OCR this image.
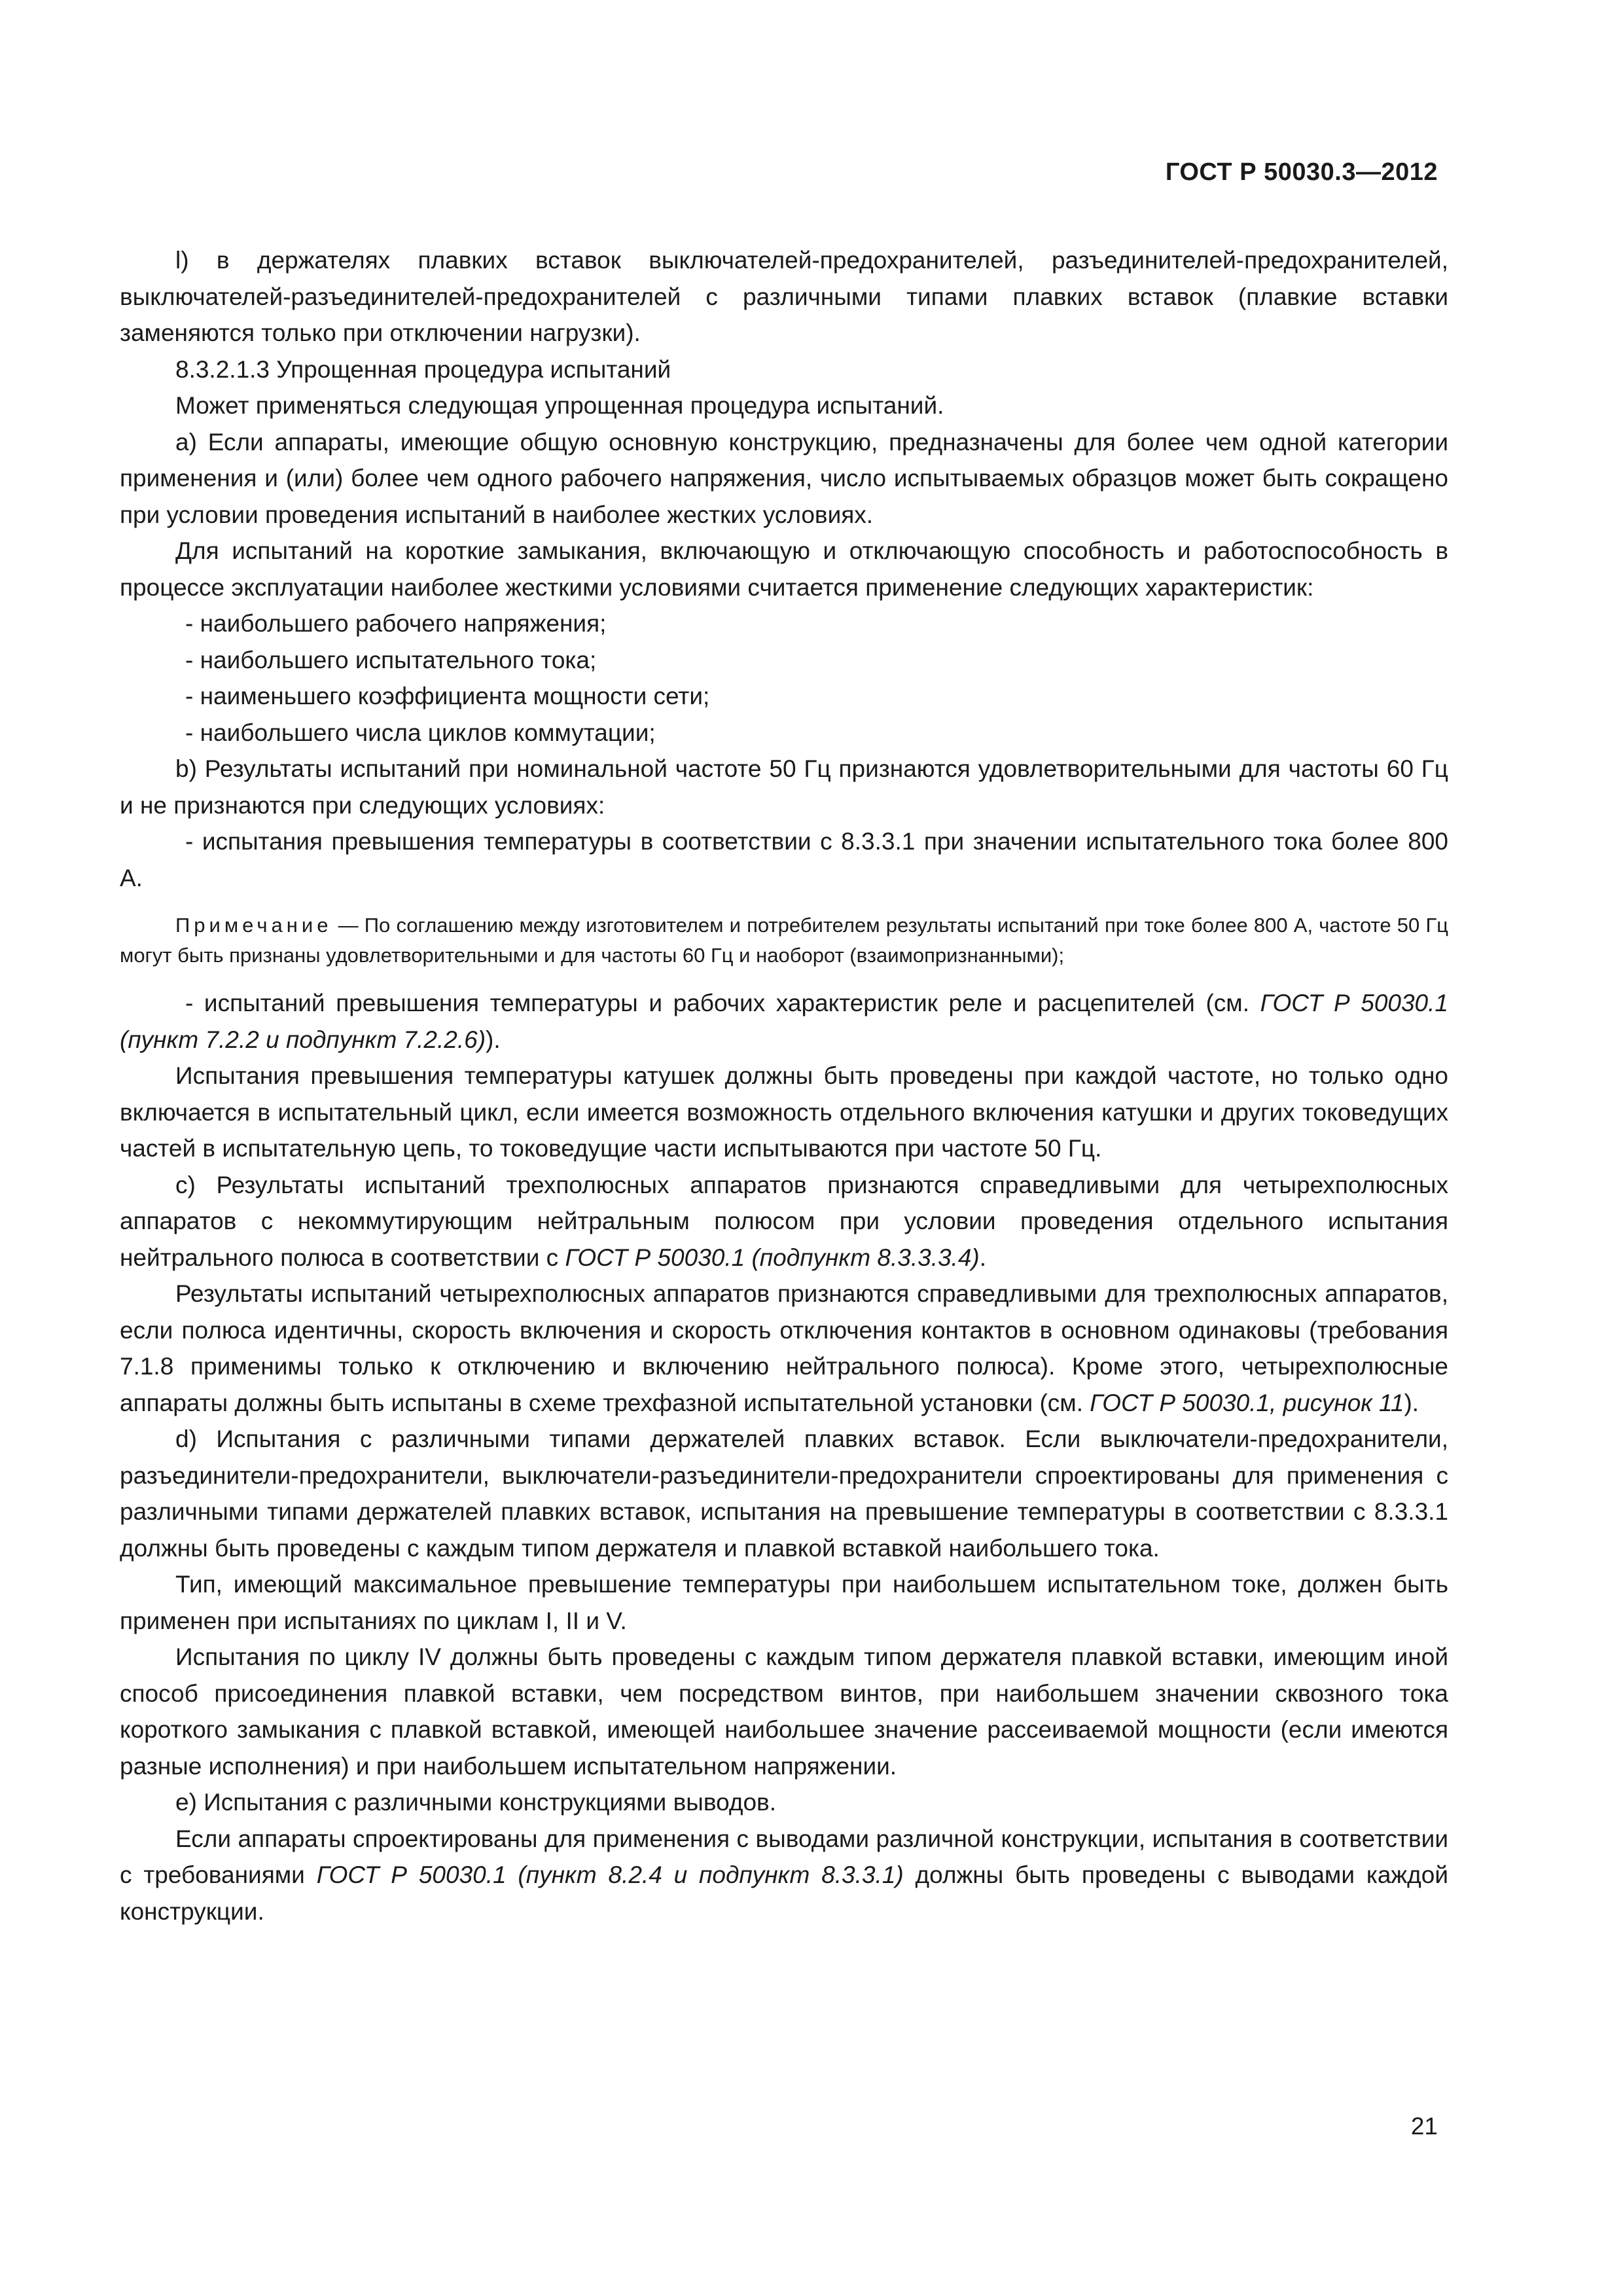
ГОСТ Р 50030.3—2012

l) в держателях плавких вставок выключателей-предохранителей, разъединителей-предохранителей, выключателей-разъединителей-предохранителей с различными типами плавких вставок (плавкие вставки заменяются только при отключении нагрузки).

8.3.2.1.3 Упрощенная процедура испытаний

Может применяться следующая упрощенная процедура испытаний.

a) Если аппараты, имеющие общую основную конструкцию, предназначены для более чем одной категории применения и (или) более чем одного рабочего напряжения, число испытываемых образцов может быть сокращено при условии проведения испытаний в наиболее жестких условиях.

Для испытаний на короткие замыкания, включающую и отключающую способность и работоспособность в процессе эксплуатации наиболее жесткими условиями считается применение следующих характеристик:

- наибольшего рабочего напряжения;

- наибольшего испытательного тока;

- наименьшего коэффициента мощности сети;

- наибольшего числа циклов коммутации;

b) Результаты испытаний при номинальной частоте 50 Гц признаются удовлетворительными для частоты 60 Гц и не признаются при следующих условиях:

- испытания превышения температуры в соответствии с 8.3.3.1 при значении испытательного тока более 800 А.

Примечание — По соглашению между изготовителем и потребителем результаты испытаний при токе более 800 А, частоте 50 Гц могут быть признаны удовлетворительными и для частоты 60 Гц и наоборот (взаимопризнанными);

- испытаний превышения температуры и рабочих характеристик реле и расцепителей (см. ГОСТ Р 50030.1 (пункт 7.2.2 и подпункт 7.2.2.6)).

Испытания превышения температуры катушек должны быть проведены при каждой частоте, но только одно включается в испытательный цикл, если имеется возможность отдельного включения катушки и других токоведущих частей в испытательную цепь, то токоведущие части испытываются при частоте 50 Гц.

c) Результаты испытаний трехполюсных аппаратов признаются справедливыми для четырехполюсных аппаратов с некоммутирующим нейтральным полюсом при условии проведения отдельного испытания нейтрального полюса в соответствии с ГОСТ Р 50030.1 (подпункт 8.3.3.3.4).

Результаты испытаний четырехполюсных аппаратов признаются справедливыми для трехполюсных аппаратов, если полюса идентичны, скорость включения и скорость отключения контактов в основном одинаковы (требования 7.1.8 применимы только к отключению и включению нейтрального полюса). Кроме этого, четырехполюсные аппараты должны быть испытаны в схеме трехфазной испытательной установки (см. ГОСТ Р 50030.1, рисунок 11).

d) Испытания с различными типами держателей плавких вставок. Если выключатели-предохранители, разъединители-предохранители, выключатели-разъединители-предохранители спроектированы для применения с различными типами держателей плавких вставок, испытания на превышение температуры в соответствии с 8.3.3.1 должны быть проведены с каждым типом держателя и плавкой вставкой наибольшего тока.

Тип, имеющий максимальное превышение температуры при наибольшем испытательном токе, должен быть применен при испытаниях по циклам I, II и V.

Испытания по циклу IV должны быть проведены с каждым типом держателя плавкой вставки, имеющим иной способ присоединения плавкой вставки, чем посредством винтов, при наибольшем значении сквозного тока короткого замыкания с плавкой вставкой, имеющей наибольшее значение рассеиваемой мощности (если имеются разные исполнения) и при наибольшем испытательном напряжении.

e) Испытания с различными конструкциями выводов.

Если аппараты спроектированы для применения с выводами различной конструкции, испытания в соответствии с требованиями ГОСТ Р 50030.1 (пункт 8.2.4 и подпункт 8.3.3.1) должны быть проведены с выводами каждой конструкции.

21
